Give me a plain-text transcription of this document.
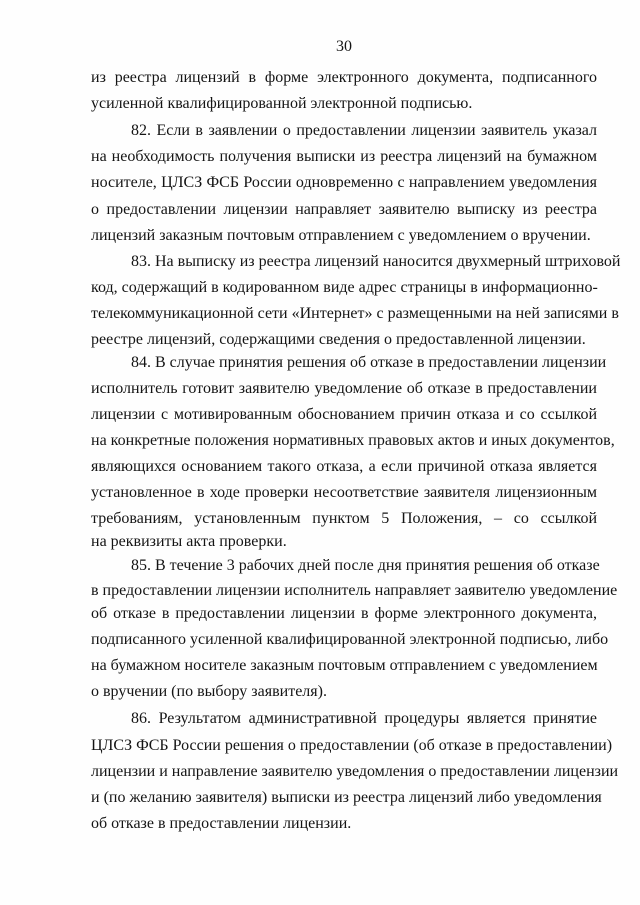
30
из реестра лицензий в форме электронного документа, подписанного
усиленной квалифицированной электронной подписью.
82. Если в заявлении о предоставлении лицензии заявитель указал
на необходимость получения выписки из реестра лицензий на бумажном
носителе, ЦЛСЗ ФСБ России одновременно с направлением уведомления
о предоставлении лицензии направляет заявителю выписку из реестра
лицензий заказным почтовым отправлением с уведомлением о вручении.
83. На выписку из реестра лицензий наносится двухмерный штриховой
код, содержащий в кодированном виде адрес страницы в информационно-
телекоммуникационной сети «Интернет» с размещенными на ней записями в
реестре лицензий, содержащими сведения о предоставленной лицензии.
84. В случае принятия решения об отказе в предоставлении лицензии
исполнитель готовит заявителю уведомление об отказе в предоставлении
лицензии с мотивированным обоснованием причин отказа и со ссылкой
на конкретные положения нормативных правовых актов и иных документов,
являющихся основанием такого отказа, а если причиной отказа является
установленное в ходе проверки несоответствие заявителя лицензионным
требованиям, установленным пунктом 5 Положения, – со ссылкой
на реквизиты акта проверки.
85. В течение 3 рабочих дней после дня принятия решения об отказе
в предоставлении лицензии исполнитель направляет заявителю уведомление
об отказе в предоставлении лицензии в форме электронного документа,
подписанного усиленной квалифицированной электронной подписью, либо
на бумажном носителе заказным почтовым отправлением с уведомлением
о вручении (по выбору заявителя).
86. Результатом административной процедуры является принятие
ЦЛСЗ ФСБ России решения о предоставлении (об отказе в предоставлении)
лицензии и направление заявителю уведомления о предоставлении лицензии
и (по желанию заявителя) выписки из реестра лицензий либо уведомления
об отказе в предоставлении лицензии.
